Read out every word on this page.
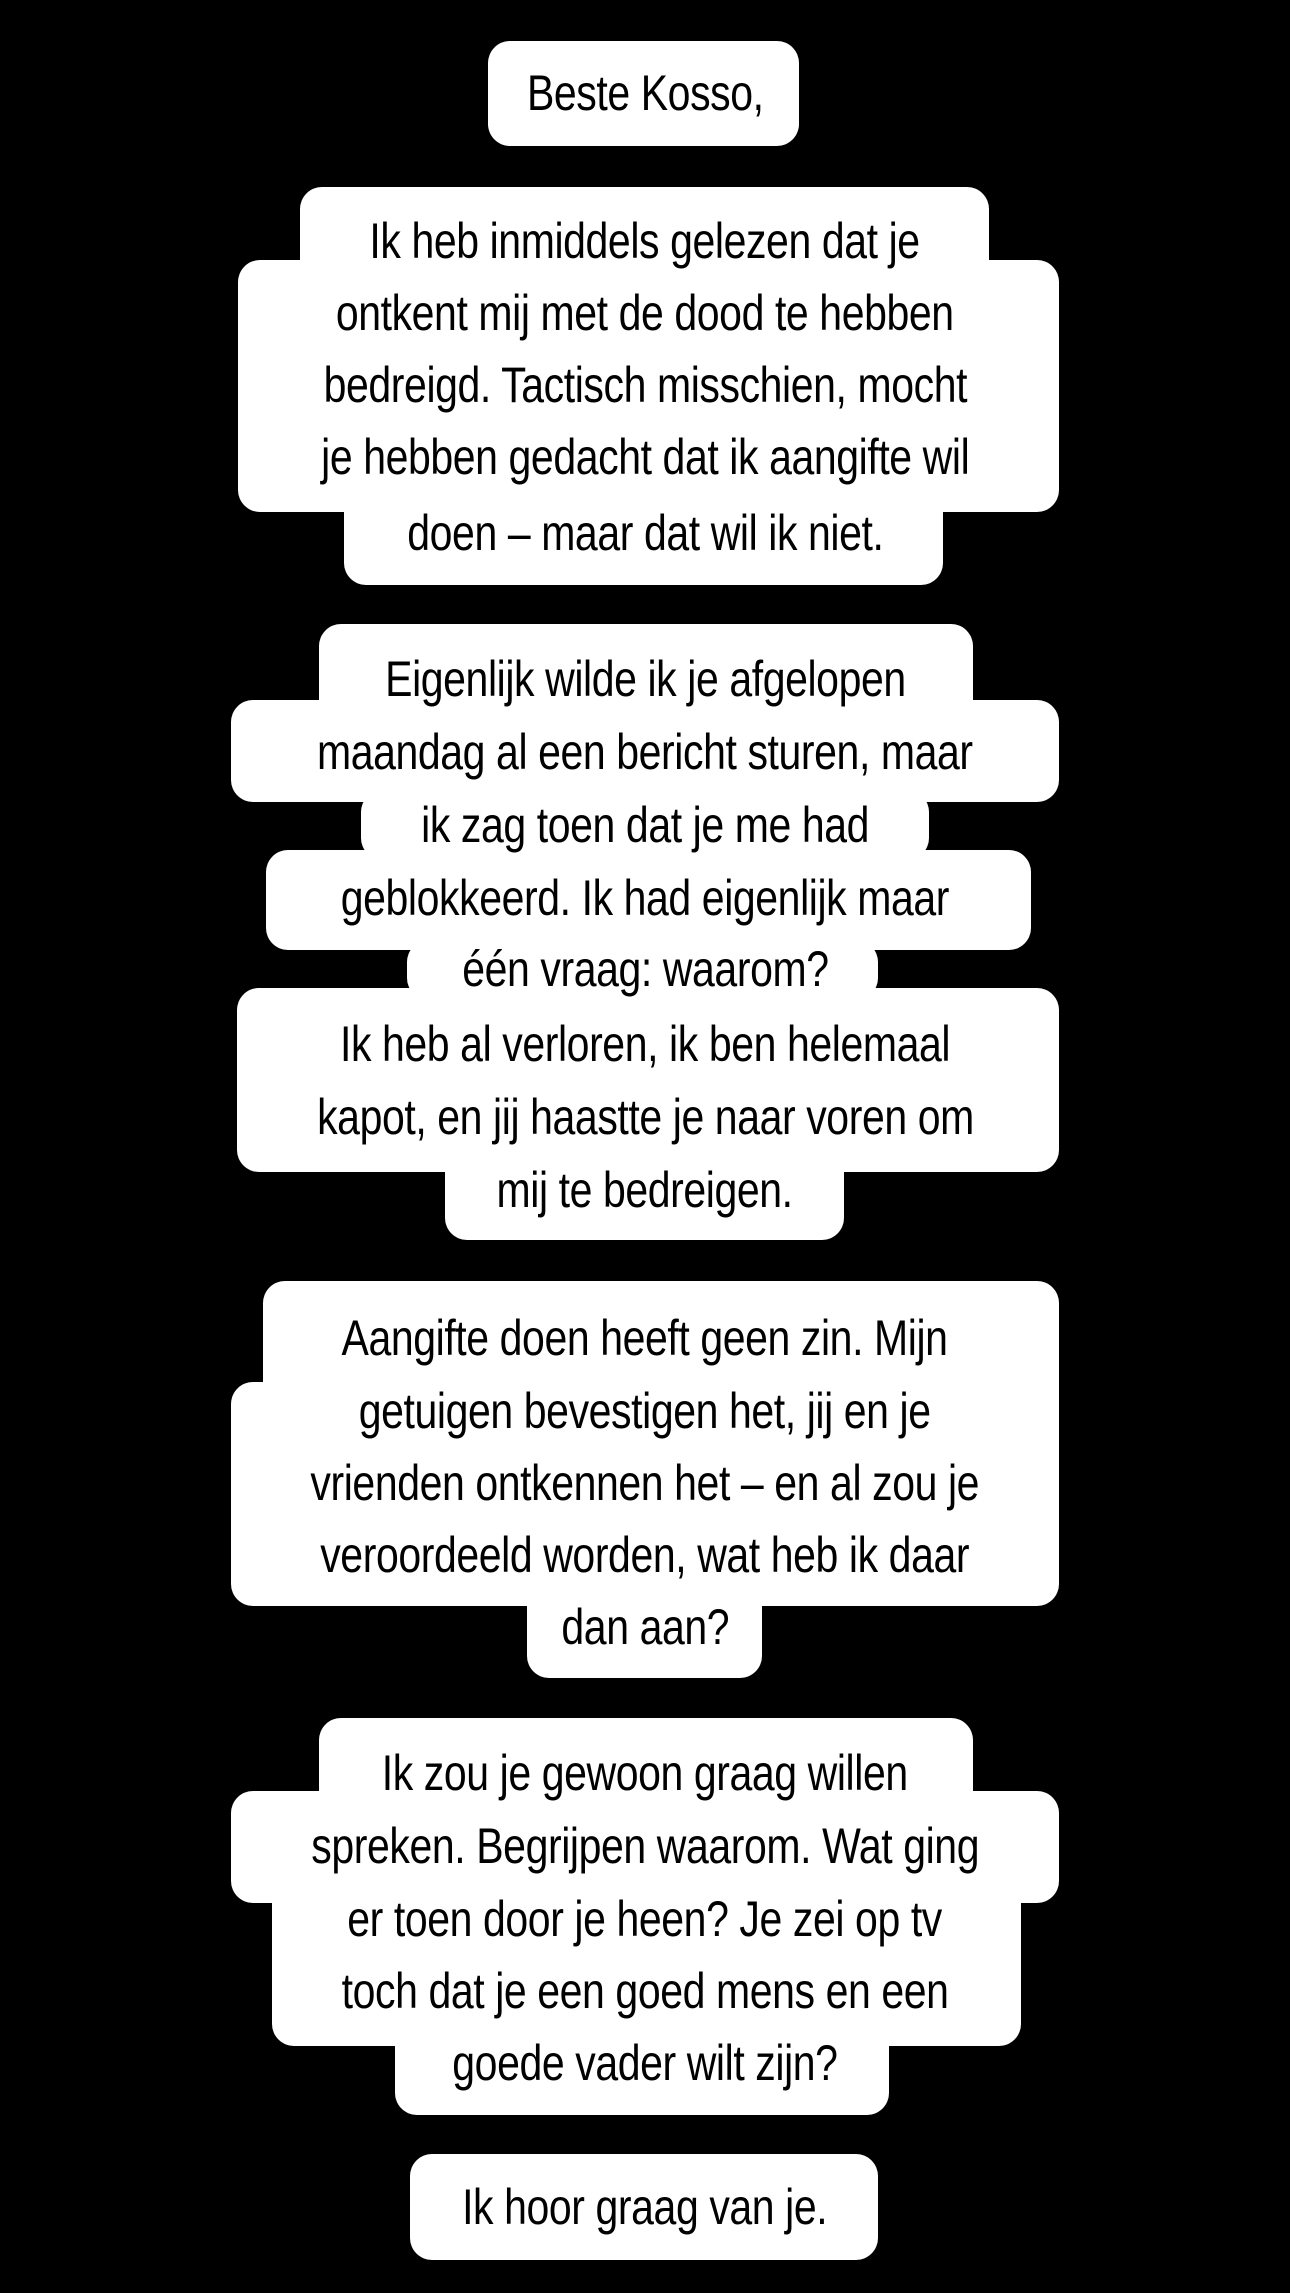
Beste Kosso,
Ik heb inmiddels gelezen dat je
ontkent mij met de dood te hebben
bedreigd. Tactisch misschien, mocht
je hebben gedacht dat ik aangifte wil
doen – maar dat wil ik niet.
Eigenlijk wilde ik je afgelopen
maandag al een bericht sturen, maar
ik zag toen dat je me had
geblokkeerd. Ik had eigenlijk maar
één vraag: waarom?
Ik heb al verloren, ik ben helemaal
kapot, en jij haastte je naar voren om
mij te bedreigen.
Aangifte doen heeft geen zin. Mijn
getuigen bevestigen het, jij en je
vrienden ontkennen het – en al zou je
veroordeeld worden, wat heb ik daar
dan aan?
Ik zou je gewoon graag willen
spreken. Begrijpen waarom. Wat ging
er toen door je heen? Je zei op tv
toch dat je een goed mens en een
goede vader wilt zijn?
Ik hoor graag van je.
